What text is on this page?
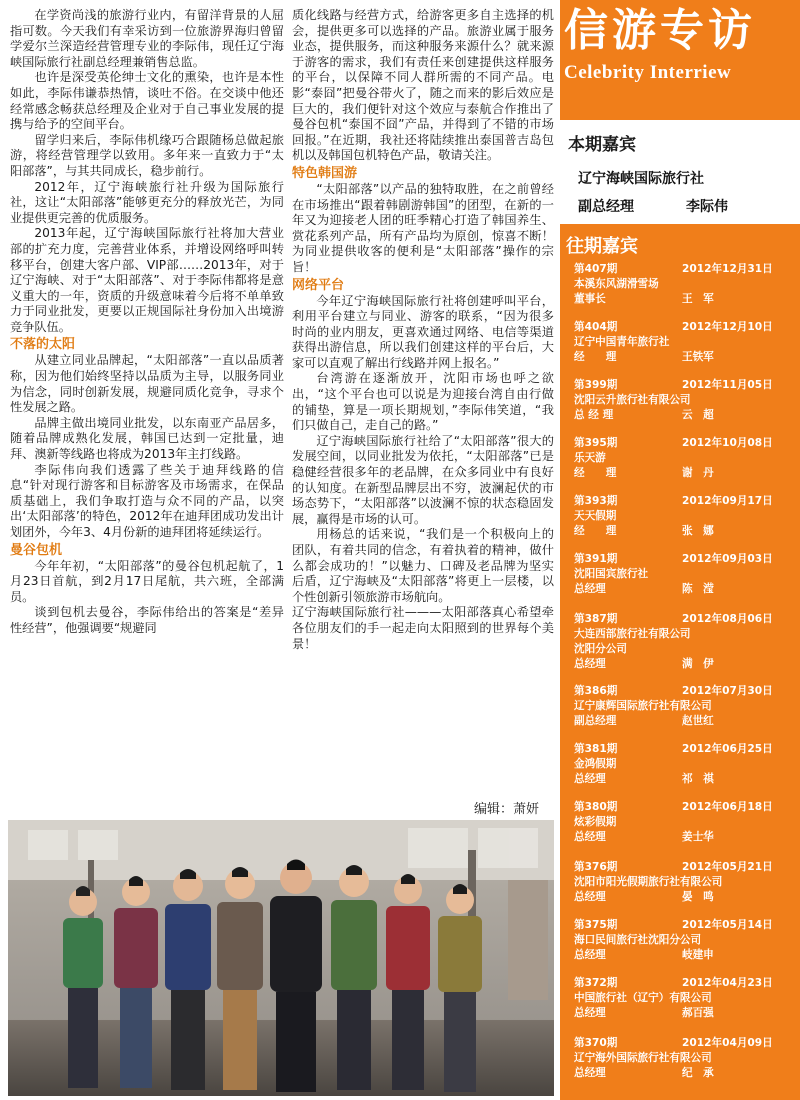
在学资尚浅的旅游行业内，有留洋背景的人屈指可数。今天我们有幸采访到一位旅游界海归曾留学爱尔兰深造经营管理专业的李际伟，现任辽宁海峡国际旅行社副总经理兼销售总监。

也许是深受英伦绅士文化的熏染，也许是本性如此，李际伟谦恭热情，谈吐不俗。在交谈中他还经常感念畅获总经理及企业对于自己事业发展的提携与给予的空间平台。

留学归来后，李际伟机缘巧合跟随杨总做起旅游，将经营管理学以致用。多年来一直致力于“太阳部落”，与其共同成长，稳步前行。

2012年，辽宁海峡旅行社升级为国际旅行社，这让“太阳部落”能够更充分的释放光芒，为同业提供更完善的优质服务。

2013年起，辽宁海峡国际旅行社将加大营业部的扩充力度，完善营业体系，并增设网络呼叫转移平台，创建大客户部、VIP部……2013年，对于辽宁海峡、对于“太阳部落”、对于李际伟都将是意义重大的一年，资质的升级意味着今后将不单单致力于同业批发，更要以正规国际社身份加入出境游竞争队伍。

不落的太阳

从建立同业品牌起，“太阳部落”一直以品质著称，因为他们始终坚持以品质为主导，以服务同业为信念，同时创新发展，规避同质化竞争，寻求个性发展之路。

品牌主做出境同业批发，以东南亚产品居多，随着品牌成熟化发展，韩国已达到一定批量，迪拜、澳新等线路也将成为2013年主打线路。

李际伟向我们透露了些关于迪拜线路的信息“针对现行游客和目标游客及市场需求，在保品质基础上，我们争取打造与众不同的产品，以突出‘太阳部落’的特色，2012年在迪拜团成功发出计划团外，今年3、4月份新的迪拜团将延续运行。

曼谷包机

今年年初，“太阳部落”的曼谷包机起航了，1月23日首航，到2月17日尾航，共六班，全部满员。

谈到包机去曼谷，李际伟给出的答案是“差异性经营”，他强调要“规避同

质化线路与经营方式，给游客更多自主选择的机会，提供更多可以选择的产品。旅游业属于服务业态，提供服务，而这种服务来源什么？就来源于游客的需求，我们有责任来创建提供这样服务的平台，以保障不同人群所需的不同产品。电影“泰囧”把曼谷带火了，随之而来的影后效应是巨大的，我们便针对这个效应与泰航合作推出了曼谷包机“泰国不囧”产品，并得到了不错的市场回报。”在近期，我社还将陆续推出泰国普吉岛包机以及韩国包机特色产品，敬请关注。

特色韩国游

“太阳部落”以产品的独特取胜，在之前曾经在市场推出“跟着韩剧游韩国”的团型，在新的一年又为迎接老人团的旺季精心打造了韩国养生、赏花系列产品，所有产品均为原创，惊喜不断！为同业提供收客的便利是“太阳部落”操作的宗旨！

网络平台

今年辽宁海峡国际旅行社将创建呼叫平台，利用平台建立与同业、游客的联系，“因为很多时尚的业内朋友，更喜欢通过网络、电信等渠道获得出游信息，所以我们创建这样的平台后，大家可以直观了解出行线路并网上报名。”

台湾游在逐渐放开，沈阳市场也呼之欲出，“这个平台也可以说是为迎接台湾自由行做的铺垫，算是一项长期规划，”李际伟笑道，“我们只做自己，走自己的路。”

辽宁海峡国际旅行社给了“太阳部落”很大的发展空间，以同业批发为依托，“太阳部落”已是稳健经营很多年的老品牌，在众多同业中有良好的认知度。在新型品牌层出不穷，波澜起伏的市场态势下，“太阳部落”以波澜不惊的状态稳固发展，赢得是市场的认可。

用杨总的话来说，“我们是一个积极向上的团队，有着共同的信念，有着执着的精神，做什么都会成功的！”以魅力、口碑及老品牌为坚实后盾，辽宁海峡及“太阳部落”将更上一层楼，以个性创新引领旅游市场航向。

辽宁海峡国际旅行社———太阳部落真心希望牵各位朋友们的手一起走向太阳照到的世界每个美景！

编辑：萧妍
信游专访
Celebrity Interriew
本期嘉宾
辽宁海峡国际旅行社
副总经理	李际伟
往期嘉宾
第407期	2012年12月31日
本溪东风湖滑雪场
董事长	王　军
第404期	2012年12月10日
辽宁中国青年旅行社
经　　理	王铁军
第399期	2012年11月05日
沈阳云升旅行社有限公司
总 经 理	云　超
第395期	2012年10月08日
乐天游
经　　理	谢　丹
第393期	2012年09月17日
天天假期
经　　理	张　娜
第391期	2012年09月03日
沈阳国宾旅行社
总经理	陈　滢
第387期	2012年08月06日
大连西部旅行社有限公司
沈阳分公司
总经理	满　伊
第386期	2012年07月30日
辽宁康辉国际旅行社有限公司
副总经理	赵世红
第381期	2012年06月25日
金鸿假期
总经理	祁　祺
第380期	2012年06月18日
炫彩假期
总经理	姜士华
第376期	2012年05月21日
沈阳市阳光假期旅行社有限公司
总经理	晏　鸣
第375期	2012年05月14日
海口民间旅行社沈阳分公司
总经理	岐建申
第372期	2012年04月23日
中国旅行社（辽宁）有限公司
总经理	郝百强
第370期	2012年04月09日
辽宁海外国际旅行社有限公司
总经理	纪　承
